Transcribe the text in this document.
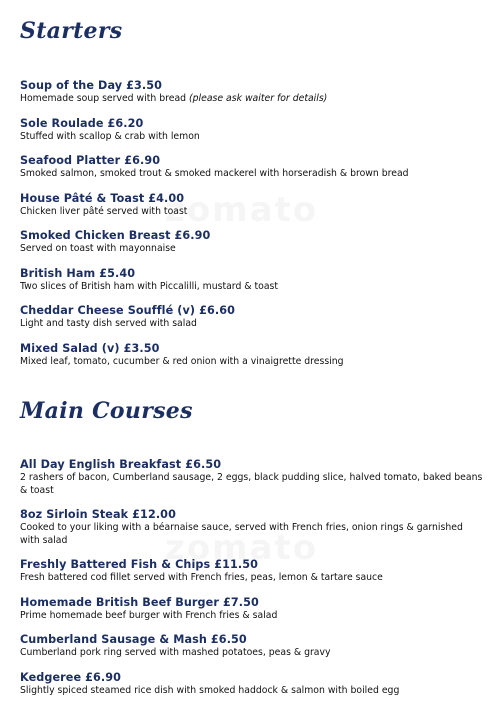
Starters
Soup of the Day £3.50
Homemade soup served with bread (please ask waiter for details)
Sole Roulade £6.20
Stuffed with scallop & crab with lemon
Seafood Platter £6.90
Smoked salmon, smoked trout & smoked mackerel with horseradish & brown bread
House Pâté & Toast £4.00
Chicken liver pâté served with toast
Smoked Chicken Breast £6.90
Served on toast with mayonnaise
British Ham £5.40
Two slices of British ham with Piccalilli, mustard & toast
Cheddar Cheese Soufflé (v) £6.60
Light and tasty dish served with salad
Mixed Salad (v) £3.50
Mixed leaf, tomato, cucumber & red onion with a vinaigrette dressing
Main Courses
All Day English Breakfast £6.50
2 rashers of bacon, Cumberland sausage, 2 eggs, black pudding slice, halved tomato, baked beans & toast
8oz Sirloin Steak £12.00
Cooked to your liking with a béarnaise sauce, served with French fries, onion rings & garnished with salad
Freshly Battered Fish & Chips £11.50
Fresh battered cod fillet served with French fries, peas, lemon & tartare sauce
Homemade British Beef Burger £7.50
Prime homemade beef burger with French fries & salad
Cumberland Sausage & Mash £6.50
Cumberland pork ring served with mashed potatoes, peas & gravy
Kedgeree £6.90
Slightly spiced steamed rice dish with smoked haddock & salmon with boiled egg
